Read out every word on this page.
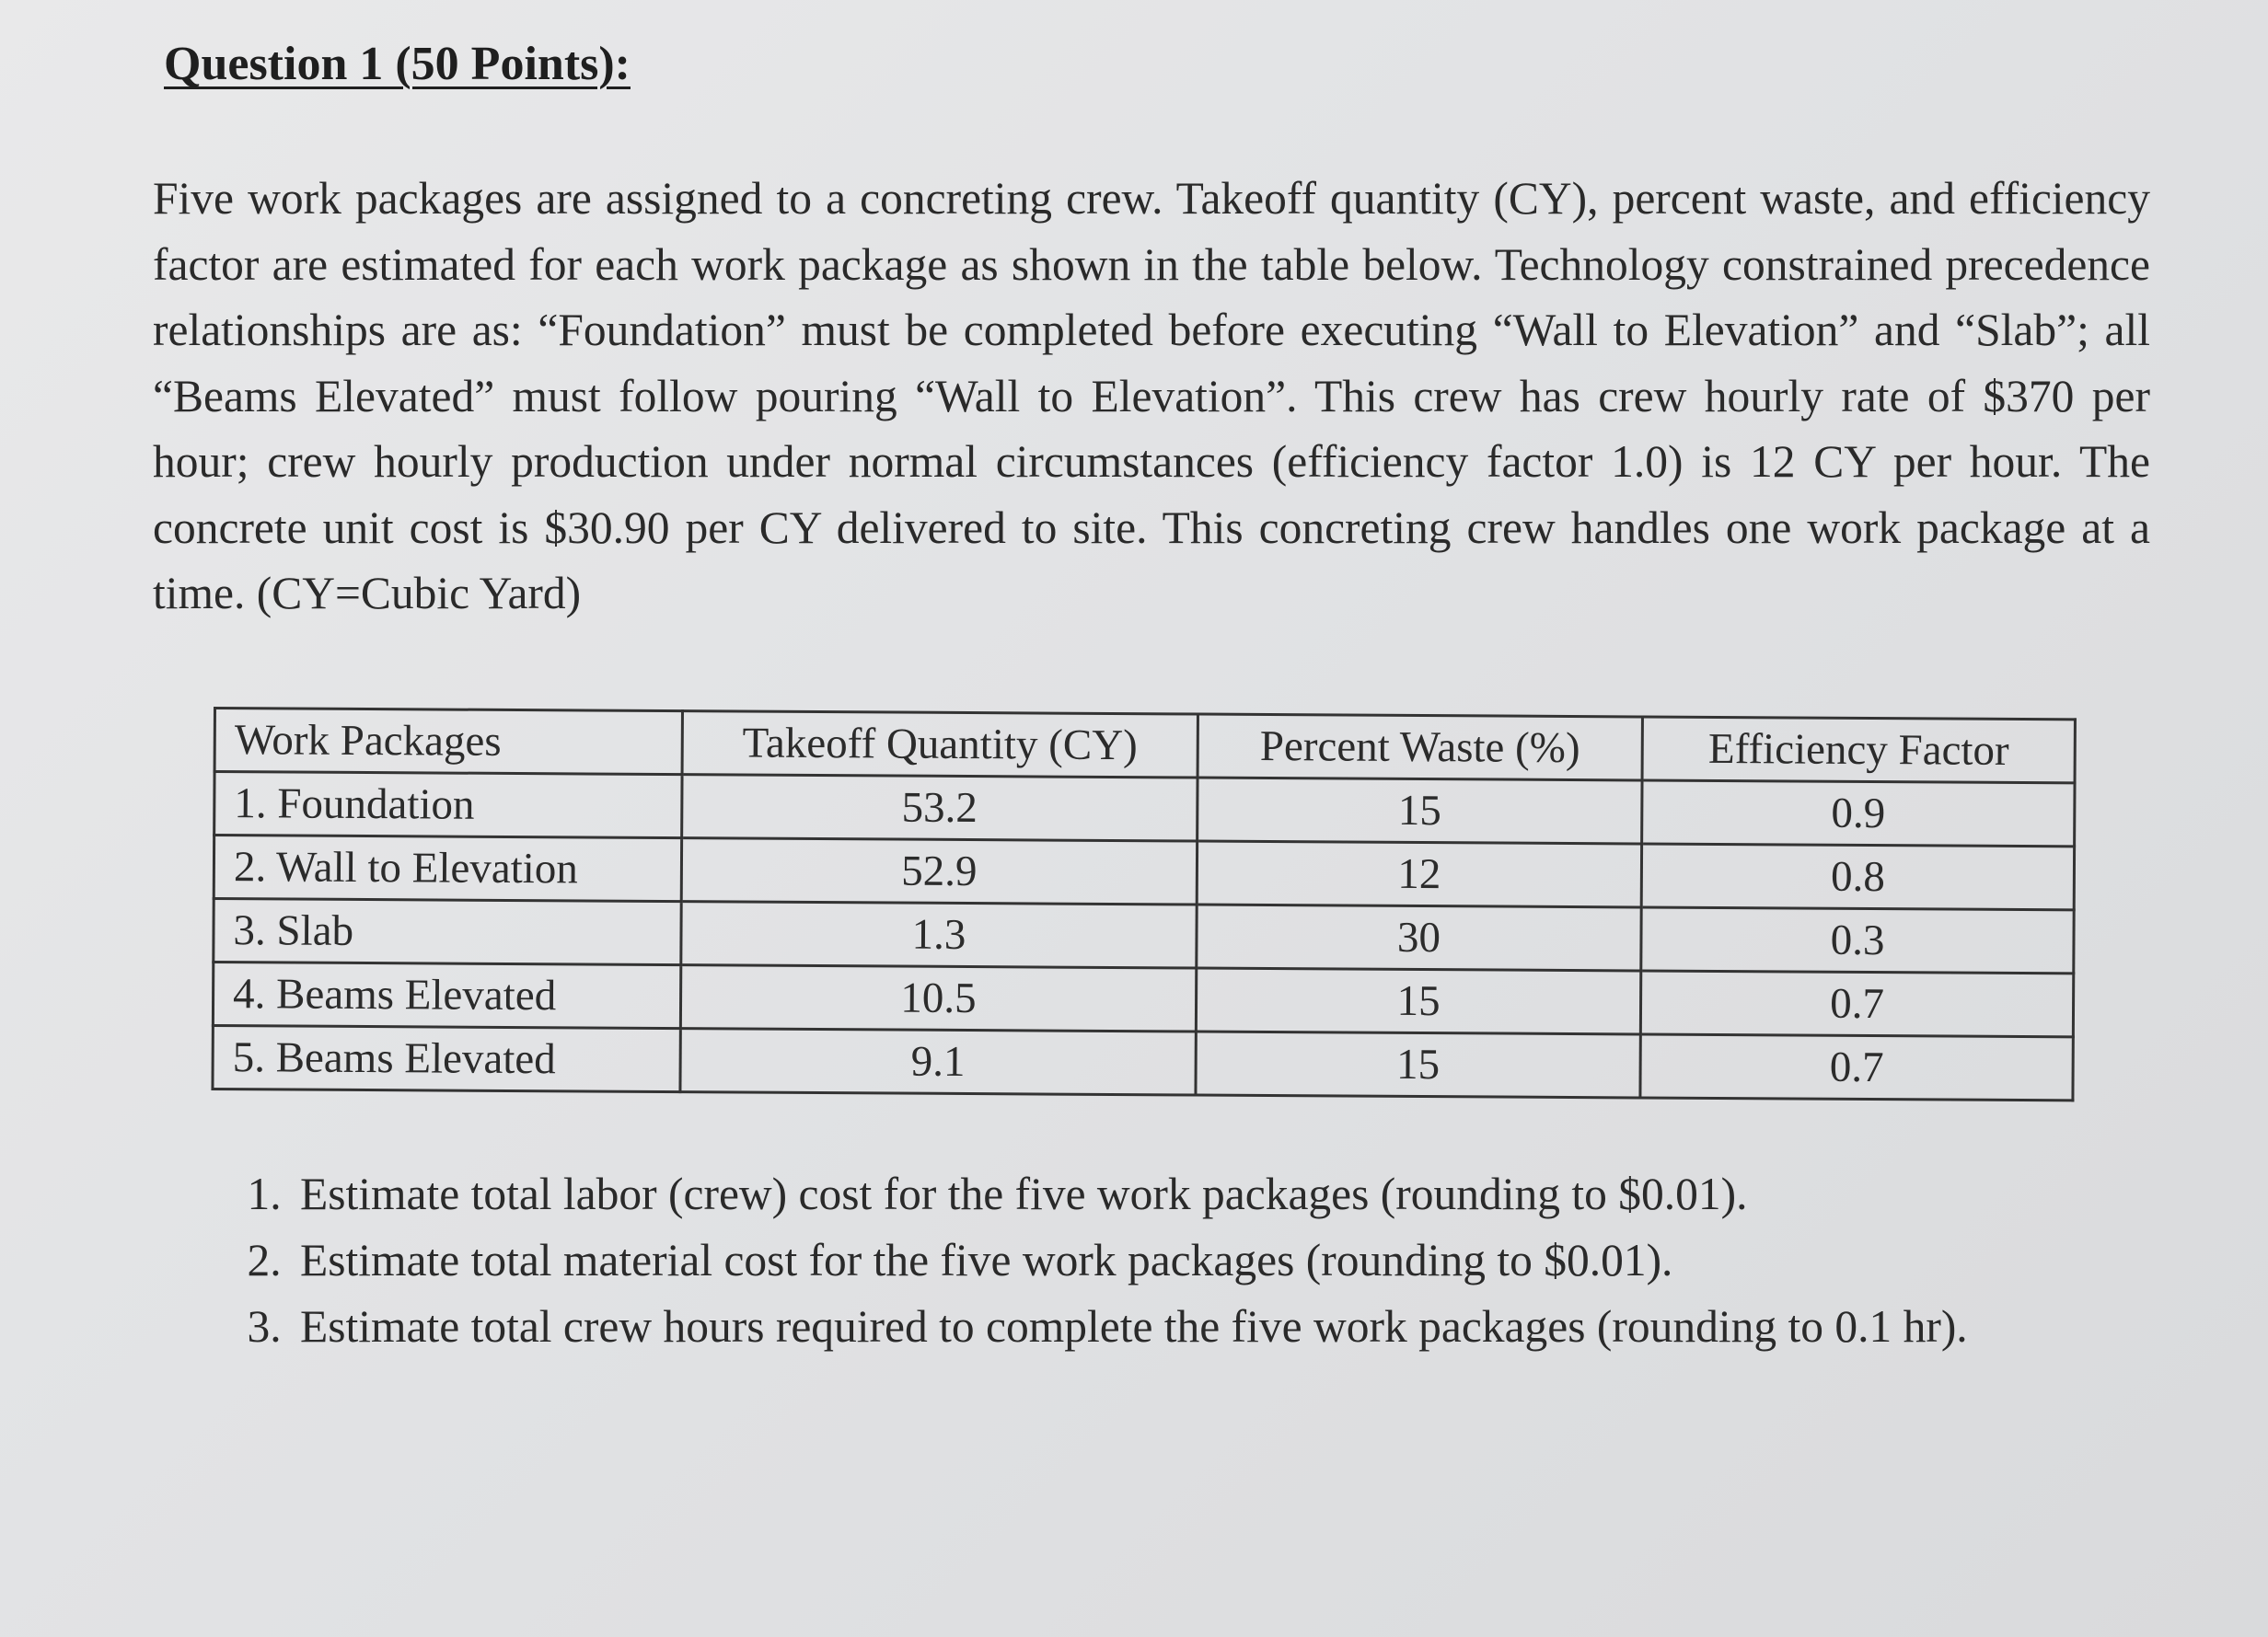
Question 1 (50 Points):

Five work packages are assigned to a concreting crew. Takeoff quantity (CY), percent waste, and efficiency factor are estimated for each work package as shown in the table below. Technology constrained precedence relationships are as: “Foundation” must be completed before executing “Wall to Elevation” and “Slab”; all “Beams Elevated” must follow pouring “Wall to Elevation”. This crew has crew hourly rate of $370 per hour; crew hourly production under normal circumstances (efficiency factor 1.0) is 12 CY per hour. The concrete unit cost is $30.90 per CY delivered to site. This concreting crew handles one work package at a time. (CY=Cubic Yard)

Work Packages	Takeoff Quantity (CY)	Percent Waste (%)	Efficiency Factor
1. Foundation	53.2	15	0.9
2. Wall to Elevation	52.9	12	0.8
3. Slab	1.3	30	0.3
4. Beams Elevated	10.5	15	0.7
5. Beams Elevated	9.1	15	0.7
1. Estimate total labor (crew) cost for the five work packages (rounding to $0.01).
2. Estimate total material cost for the five work packages (rounding to $0.01).
3. Estimate total crew hours required to complete the five work packages (rounding to 0.1 hr).
